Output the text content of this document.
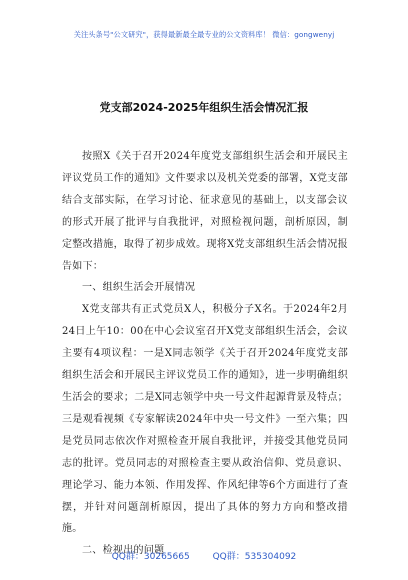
关注头条号"公文研究"，获得最新最全最专业的公文资料库！ 微信：gongwenyj
党支部2024-2025年组织生活会情况汇报

按照X《关于召开2024年度党支部组织生活会和开展民主评议党员工作的通知》文件要求以及机关党委的部署，X党支部结合支部实际，在学习讨论、征求意见的基础上，以支部会议的形式开展了批评与自我批评，对照检视问题，剖析原因，制定整改措施，取得了初步成效。现将X党支部组织生活会情况报告如下：

一、组织生活会开展情况

X党支部共有正式党员X人，积极分子X名。于2024年2月24日上午10：00在中心会议室召开X党支部组织生活会，会议主要有4项议程：一是X同志领学《关于召开2024年度党支部组织生活会和开展民主评议党员工作的通知》，进一步明确组织生活会的要求；二是X同志领学中央一号文件起源背景及特点；三是观看视频《专家解读2024年中央一号文件》一至六集；四是党员同志依次作对照检查开展自我批评，并接受其他党员同志的批评。党员同志的对照检查主要从政治信仰、党员意识、理论学习、能力本领、作用发挥、作风纪律等6个方面进行了查摆，并针对问题剖析原因，提出了具体的努力方向和整改措施。

二、检视出的问题

QQ群：30265665	QQ群：535304092
